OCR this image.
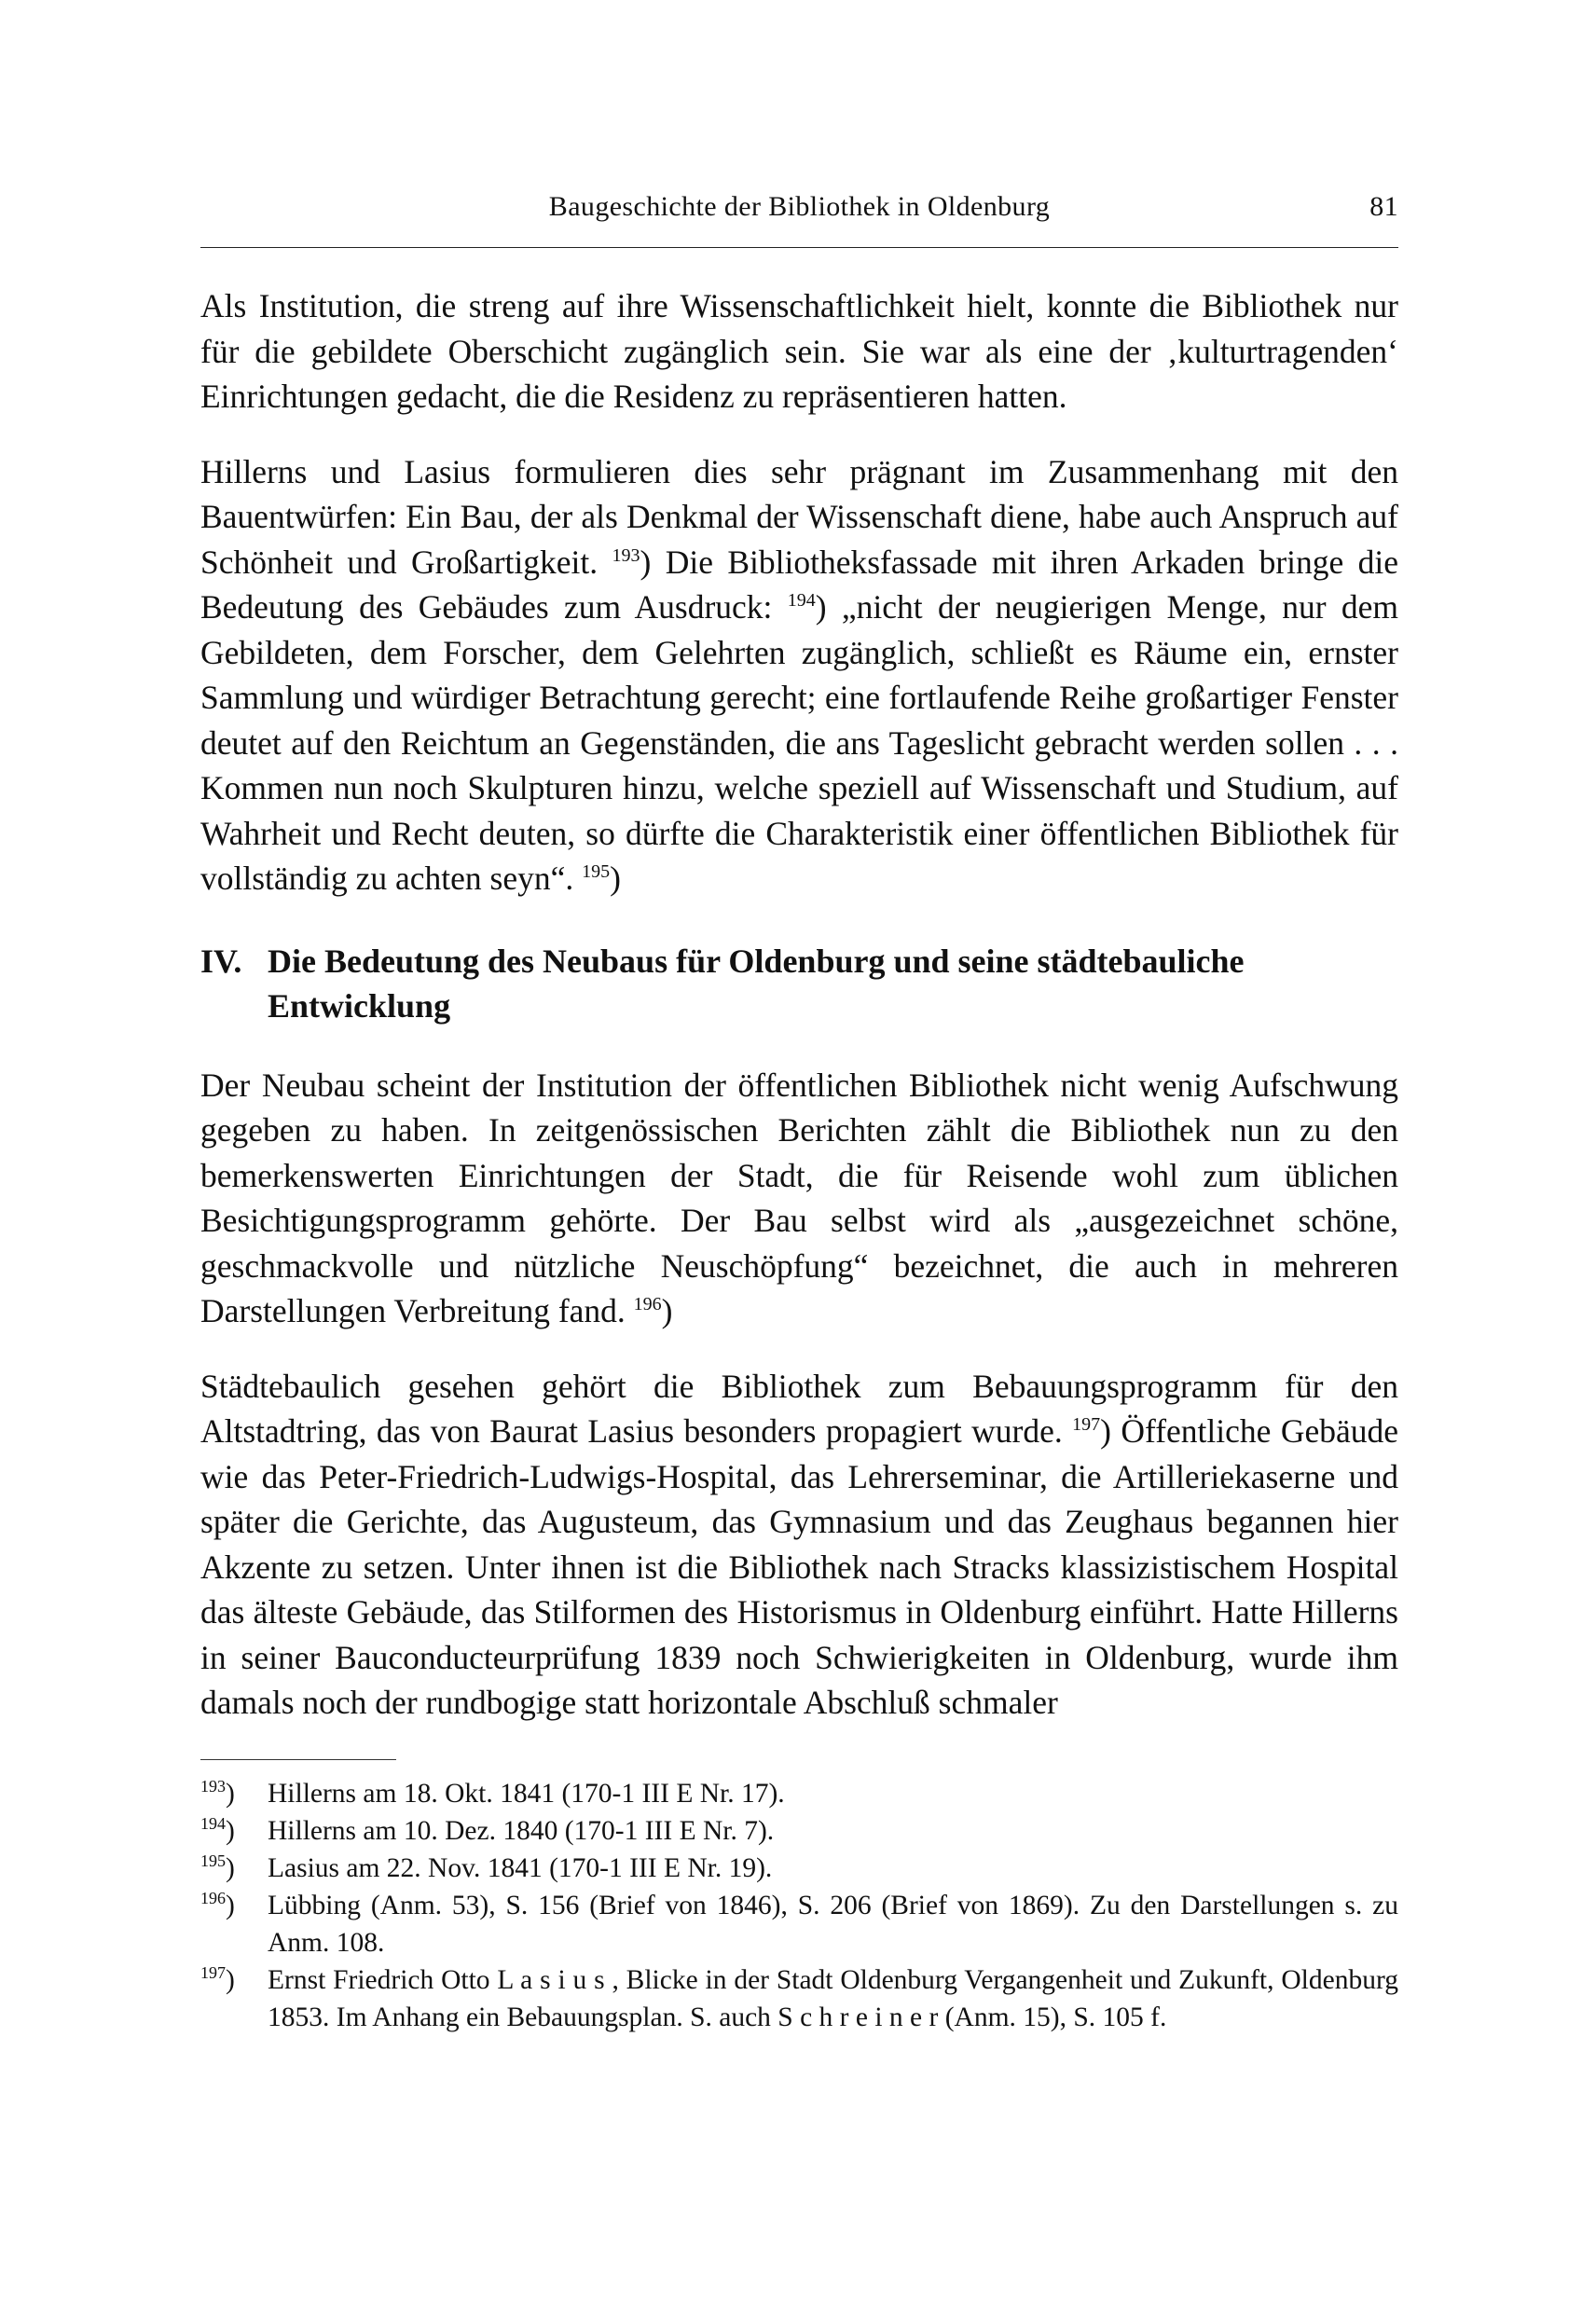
Baugeschichte der Bibliothek in Oldenburg	81

Als Institution, die streng auf ihre Wissenschaftlichkeit hielt, konnte die Bibliothek nur für die gebildete Oberschicht zugänglich sein. Sie war als eine der ‚kulturtragenden‘ Einrichtungen gedacht, die die Residenz zu repräsentieren hatten.

Hillerns und Lasius formulieren dies sehr prägnant im Zusammenhang mit den Bauentwürfen: Ein Bau, der als Denkmal der Wissenschaft diene, habe auch Anspruch auf Schönheit und Großartigkeit. $^{193}$) Die Bibliotheksfassade mit ihren Arkaden bringe die Bedeutung des Gebäudes zum Ausdruck: $^{194}$) „nicht der neugierigen Menge, nur dem Gebildeten, dem Forscher, dem Gelehrten zugänglich, schließt es Räume ein, ernster Sammlung und würdiger Betrachtung gerecht; eine fortlaufende Reihe großartiger Fenster deutet auf den Reichtum an Gegenständen, die ans Tageslicht gebracht werden sollen . . . Kommen nun noch Skulpturen hinzu, welche speziell auf Wissenschaft und Studium, auf Wahrheit und Recht deuten, so dürfte die Charakteristik einer öffentlichen Bibliothek für vollständig zu achten seyn“. $^{195}$)

IV. Die Bedeutung des Neubaus für Oldenburg und seine städtebauliche Entwicklung

Der Neubau scheint der Institution der öffentlichen Bibliothek nicht wenig Aufschwung gegeben zu haben. In zeitgenössischen Berichten zählt die Bibliothek nun zu den bemerkenswerten Einrichtungen der Stadt, die für Reisende wohl zum üblichen Besichtigungsprogramm gehörte. Der Bau selbst wird als „ausgezeichnet schöne, geschmackvolle und nützliche Neuschöpfung“ bezeichnet, die auch in mehreren Darstellungen Verbreitung fand. $^{196}$)

Städtebaulich gesehen gehört die Bibliothek zum Bebauungsprogramm für den Altstadtring, das von Baurat Lasius besonders propagiert wurde. $^{197}$) Öffentliche Gebäude wie das Peter-Friedrich-Ludwigs-Hospital, das Lehrerseminar, die Artilleriekaserne und später die Gerichte, das Augusteum, das Gymnasium und das Zeughaus begannen hier Akzente zu setzen. Unter ihnen ist die Bibliothek nach Stracks klassizistischem Hospital das älteste Gebäude, das Stilformen des Historismus in Oldenburg einführt. Hatte Hillerns in seiner Bauconducteurprüfung 1839 noch Schwierigkeiten in Oldenburg, wurde ihm damals noch der rundbogige statt horizontale Abschluß schmaler

$^{193}$)	Hillerns am 18. Okt. 1841 (170-1 III E Nr. 17).
$^{194}$)	Hillerns am 10. Dez. 1840 (170-1 III E Nr. 7).
$^{195}$)	Lasius am 22. Nov. 1841 (170-1 III E Nr. 19).
$^{196}$)	Lübbing (Anm. 53), S. 156 (Brief von 1846), S. 206 (Brief von 1869). Zu den Darstellungen s. zu Anm. 108.
$^{197}$)	Ernst Friedrich Otto L a s i u s , Blicke in der Stadt Oldenburg Vergangenheit und Zukunft, Oldenburg 1853. Im Anhang ein Bebauungsplan. S. auch S c h r e i n e r (Anm. 15), S. 105 f.
